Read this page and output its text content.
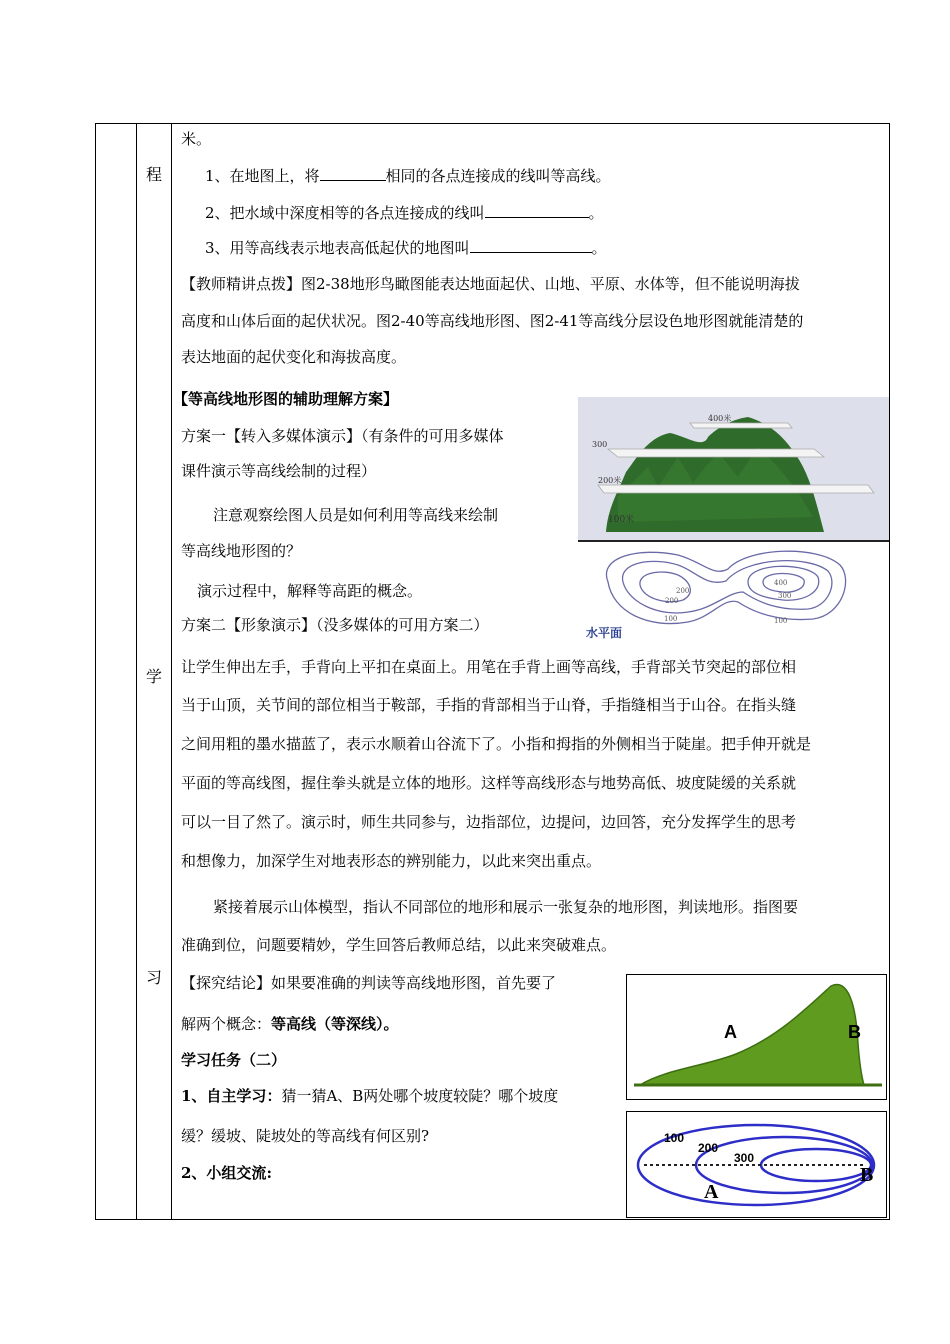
程
学
习
米。
1、在地图上，将	相同的各点连接成的线叫等高线。
2、把水域中深度相等的各点连接成的线叫	。
3、用等高线表示地表高低起伏的地图叫	。
【教师精讲点拨】图2-38地形鸟瞰图能表达地面起伏、山地、平原、水体等，但不能说明海拔
高度和山体后面的起伏状况。图2-40等高线地形图、图2-41等高线分层设色地形图就能清楚的
表达地面的起伏变化和海拔高度。
【等高线地形图的辅助理解方案】
方案一【转入多媒体演示】（有条件的可用多媒体
课件演示等高线绘制的过程）
注意观察绘图人员是如何利用等高线来绘制
等高线地形图的？
演示过程中，解释等高距的概念。
方案二【形象演示】（没多媒体的可用方案二）
400米
300
200米
100米
400
300
200
200
100	100
水平面
让学生伸出左手，手背向上平扣在桌面上。用笔在手背上画等高线，手背部关节突起的部位相
当于山顶，关节间的部位相当于鞍部，手指的背部相当于山脊，手指缝相当于山谷。在指头缝
之间用粗的墨水描蓝了，表示水顺着山谷流下了。小指和拇指的外侧相当于陡崖。把手伸开就是
平面的等高线图，握住拳头就是立体的地形。这样等高线形态与地势高低、坡度陡缓的关系就
可以一目了然了。演示时，师生共同参与，边指部位，边提问，边回答，充分发挥学生的思考
和想像力，加深学生对地表形态的辨别能力，以此来突出重点。
紧接着展示山体模型，指认不同部位的地形和展示一张复杂的地形图，判读地形。指图要
准确到位，问题要精妙，学生回答后教师总结，以此来突破难点。
【探究结论】如果要准确的判读等高线地形图，首先要了
解两个概念：等高线（等深线）。
学习任务（二）
1、自主学习：猜一猜A、B两处哪个坡度较陡？哪个坡度
缓？缓坡、陡坡处的等高线有何区别?
2、小组交流:
A	B
100
200
300
A
B
